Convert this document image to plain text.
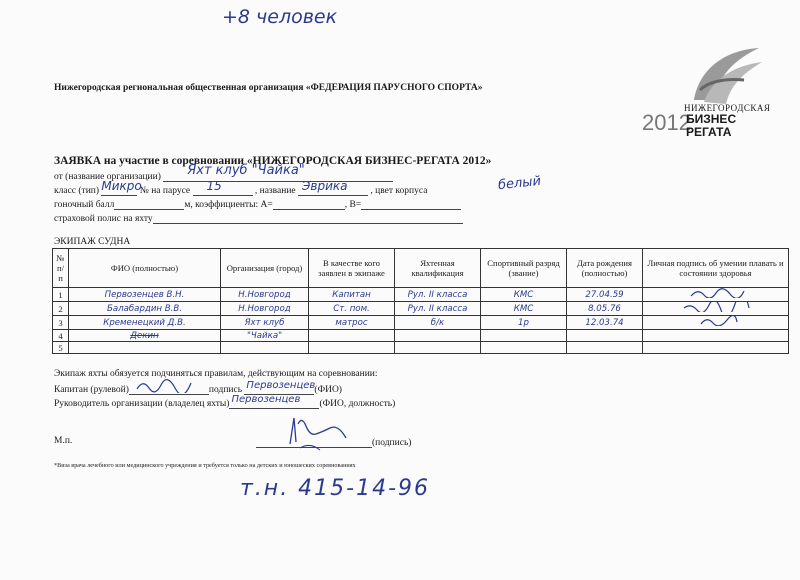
+8 человек
Нижегородская региональная общественная организация «ФЕДЕРАЦИЯ ПАРУСНОГО СПОРТА»
НИЖЕГОРОДСКАЯ
2012
БИЗНЕС
РЕГАТА
ЗАЯВКА на участие в соревновании «НИЖЕГОРОДСКАЯ БИЗНЕС-РЕГАТА 2012»
от (название организации) Яхт клуб "Чайка"
класс (тип) Микро
№ на парусе 15	, название Эврика , цвет корпуса	белый
гоночный балл	м, коэффициенты: А=	, В=
страховой полис на яхту
ЭКИПАЖ СУДНА
№ п/п	ФИО (полностью)	Организация (город)	В качестве кого заявлен в экипаже	Яхтенная квалификация	Спортивный разряд (звание)	Дата рождения (полностью)	Личная подпись об умении плавать и состоянии здоровья
1	Первозенцев В.Н.	Н.Новгород	Капитан	Рул. II класса	КМС	27.04.59	
2	Балабардин В.В.	Н.Новгород	Ст. пом.	Рул. II класса	КМС	8.05.76	
3	Кременецкий Д.В.	Яхт клуб	матрос	б/к	1р	12.03.74	
4	Декин	"Чайка"					
5							
Экипаж яхты обязуется подчиняться правилам, действующим на соревновании:
Капитан (рулевой)	подпись Первозенцев (ФИО)
Руководитель организации (владелец яхты) Первозенцев (ФИО, должность)
М.п.	(подпись)
*Виза врача лечебного или медицинского учреждения и требуется только на детских и юношеских соревнованиях
т.н. 415-14-96
